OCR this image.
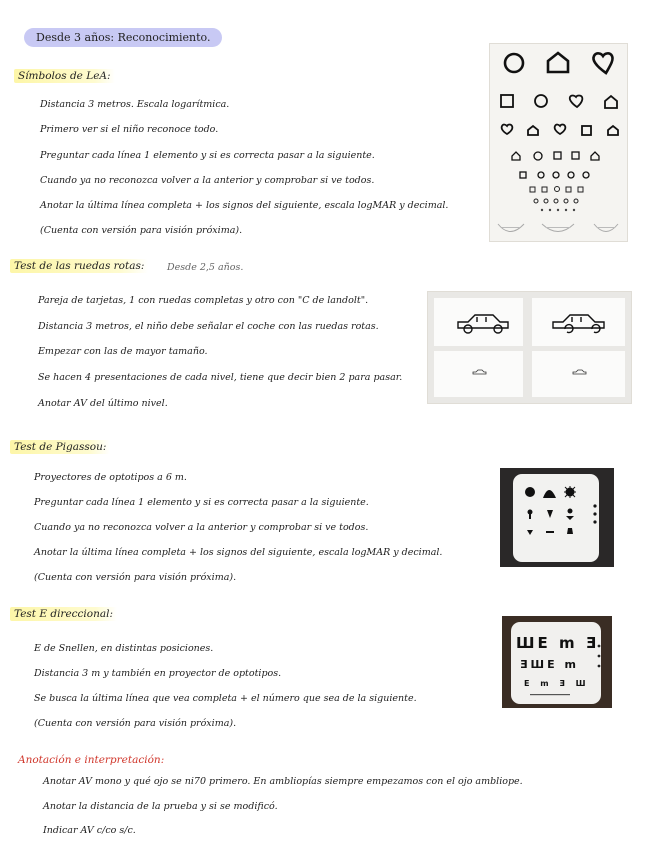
Desde 3 años: Reconocimiento.
Símbolos de LeA:
Distancia 3 metros. Escala logarítmica.
Primero ver si el niño reconoce todo.
Preguntar cada línea 1 elemento y si es correcta pasar a la siguiente.
Cuando ya no reconozca volver a la anterior y comprobar si ve todos.
Anotar la última línea completa + los signos del siguiente, escala logMAR y decimal.
(Cuenta con versión para visión próxima).
Test de las ruedas rotas:	Desde 2,5 años.
Pareja de tarjetas, 1 con ruedas completas y otro con "C de landolt".
Distancia 3 metros, el niño debe señalar el coche con las ruedas rotas.
Empezar con las de mayor tamaño.
Se hacen 4 presentaciones de cada nivel, tiene que decir bien 2 para pasar.
Anotar AV del último nivel.
Test de Pigassou:
Proyectores de optotipos a 6 m.
Preguntar cada línea 1 elemento y si es correcta pasar a la siguiente.
Cuando ya no reconozca volver a la anterior y comprobar si ve todos.
Anotar la última línea completa + los signos del siguiente, escala logMAR y decimal.
(Cuenta con versión para visión próxima).
Test E direccional:
E de Snellen, en distintas posiciones.
Distancia 3 m y también en proyector de optotipos.
Se busca la última línea que vea completa + el número que sea de la siguiente.
(Cuenta con versión para visión próxima).
ШЕ m Ǝ
ƎШЕ m
E m Ǝ Ш
Anotación e interpretación:
Anotar AV mono y qué ojo se ni70 primero. En ambliopías siempre empezamos con el ojo ambliope.
Anotar la distancia de la prueba y si se modificó.
Indicar AV c/co s/c.
